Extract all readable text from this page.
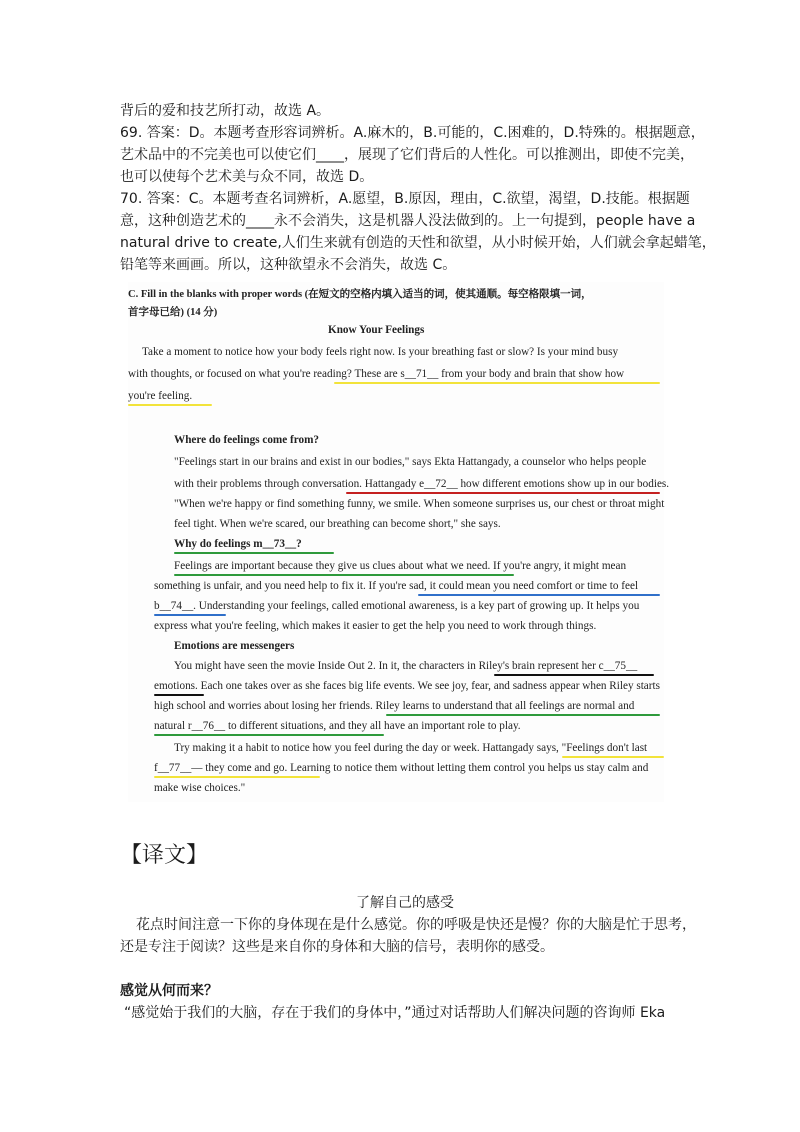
背后的爱和技艺所打动，故选 A。
69. 答案：D。本题考查形容词辨析。A.麻木的，B.可能的，C.困难的，D.特殊的。根据题意，
艺术品中的不完美也可以使它们____，展现了它们背后的人性化。可以推测出，即使不完美，
也可以使每个艺术美与众不同，故选 D。
70. 答案：C。本题考查名词辨析，A.愿望，B.原因，理由，C.欲望，渴望，D.技能。根据题
意，这种创造艺术的____永不会消失，这是机器人没法做到的。上一句提到，people have a
natural drive to create,人们生来就有创造的天性和欲望，从小时候开始，人们就会拿起蜡笔，
铅笔等来画画。所以，这种欲望永不会消失，故选 C。
C. Fill in the blanks with proper words (在短文的空格内填入适当的词，使其通顺。每空格限填一词，
首字母已给) (14 分)
Know Your Feelings
Take a moment to notice how your body feels right now. Is your breathing fast or slow? Is your mind busy
with thoughts, or focused on what you're reading? These are s__71__ from your body and brain that show how
you're feeling.
Where do feelings come from?
"Feelings start in our brains and exist in our bodies," says Ekta Hattangady, a counselor who helps people
with their problems through conversation. Hattangady e__72__ how different emotions show up in our bodies.
"When we're happy or find something funny, we smile. When someone surprises us, our chest or throat might
feel tight. When we're scared, our breathing can become short," she says.
Why do feelings m__73__?
Feelings are important because they give us clues about what we need. If you're angry, it might mean
something is unfair, and you need help to fix it. If you're sad, it could mean you need comfort or time to feel
b__74__. Understanding your feelings, called emotional awareness, is a key part of growing up. It helps you
express what you're feeling, which makes it easier to get the help you need to work through things.
Emotions are messengers
You might have seen the movie Inside Out 2. In it, the characters in Riley's brain represent her c__75__
emotions. Each one takes over as she faces big life events. We see joy, fear, and sadness appear when Riley starts
high school and worries about losing her friends. Riley learns to understand that all feelings are normal and
natural r__76__ to different situations, and they all have an important role to play.
Try making it a habit to notice how you feel during the day or week. Hattangady says, "Feelings don't last
f__77__— they come and go. Learning to notice them without letting them control you helps us stay calm and
make wise choices."
【译文】
了解自己的感受
花点时间注意一下你的身体现在是什么感觉。你的呼吸是快还是慢？你的大脑是忙于思考，
还是专注于阅读？这些是来自你的身体和大脑的信号，表明你的感受。
感觉从何而来？
“感觉始于我们的大脑，存在于我们的身体中，”通过对话帮助人们解决问题的咨询师 Eka
